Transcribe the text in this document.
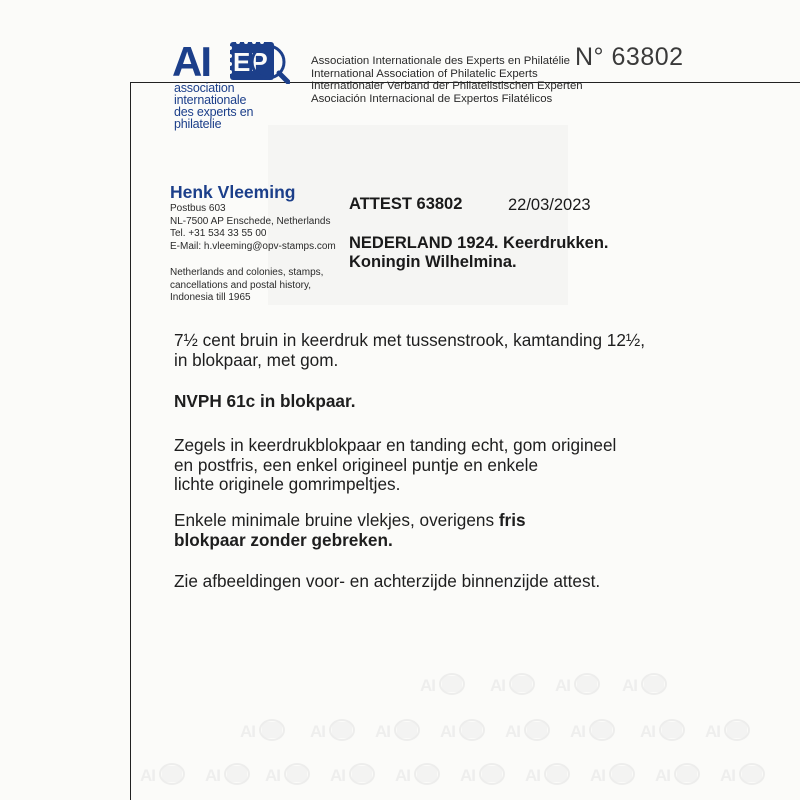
AI EP
association
internationale
des experts en philatelie
Association Internationale des Experts en Philatélie
International Association of Philatelic Experts
Internationaler Verband der Philatelistischen Experten
Asociación Internacional de Expertos Filatélicos
N° 63802
Henk Vleeming
Postbus 603
NL-7500 AP Enschede, Netherlands
Tel. +31 534 33 55 00
E-Mail: h.vleeming@opv-stamps.com
Netherlands and colonies, stamps,
cancellations and postal history,
Indonesia till 1965
ATTEST 63802	22/03/2023
NEDERLAND 1924. Keerdrukken.
Koningin Wilhelmina.
7½ cent bruin in keerdruk met tussenstrook, kamtanding 12½,
in blokpaar, met gom.
NVPH 61c in blokpaar.
Zegels in keerdrukblokpaar en tanding echt, gom origineel
en postfris, een enkel origineel puntje en enkele
lichte originele gomrimpeltjes.
Enkele minimale bruine vlekjes, overigens fris
blokpaar zonder gebreken.
Zie afbeeldingen voor- en achterzijde binnenzijde attest.
AI	AI	AI	AI
AI	AI	AI	AI	AI	AI	AI	AI
AI	AI	AI	AI	AI	AI	AI	AI	AI	AI
